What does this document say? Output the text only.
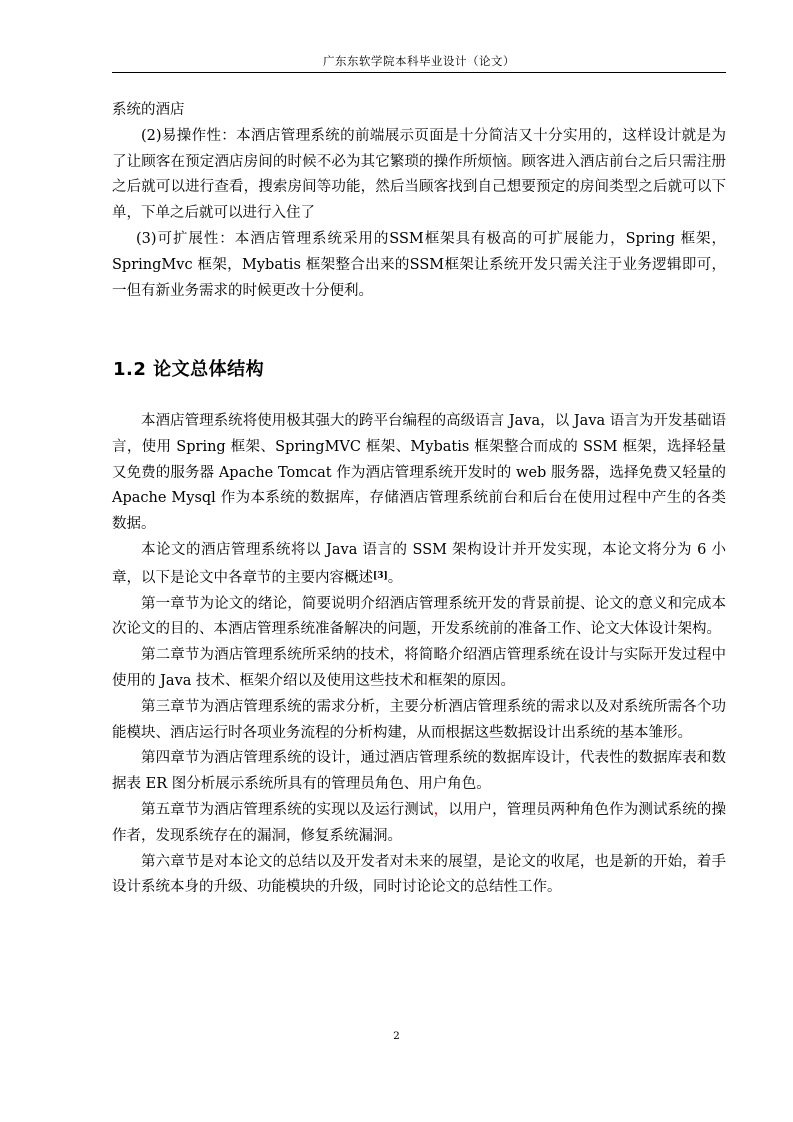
广东东软学院本科毕业设计（论文）

系统的酒店

(2)易操作性：本酒店管理系统的前端展示页面是十分简洁又十分实用的，这样设计就是为了让顾客在预定酒店房间的时候不必为其它繁琐的操作所烦恼。顾客进入酒店前台之后只需注册之后就可以进行查看，搜索房间等功能，然后当顾客找到自己想要预定的房间类型之后就可以下单，下单之后就可以进行入住了

(3)可扩展性：本酒店管理系统采用的SSM框架具有极高的可扩展能力，Spring 框架，SpringMvc 框架，Mybatis 框架整合出来的SSM框架让系统开发只需关注于业务逻辑即可，一但有新业务需求的时候更改十分便利。

1.2 论文总体结构

本酒店管理系统将使用极其强大的跨平台编程的高级语言 Java，以 Java 语言为开发基础语言，使用 Spring 框架、SpringMVC 框架、Mybatis 框架整合而成的 SSM 框架，选择轻量又免费的服务器 Apache Tomcat 作为酒店管理系统开发时的 web 服务器，选择免费又轻量的 Apache Mysql 作为本系统的数据库，存储酒店管理系统前台和后台在使用过程中产生的各类数据。

本论文的酒店管理系统将以 Java 语言的 SSM 架构设计并开发实现，本论文将分为 6 小章，以下是论文中各章节的主要内容概述[3]。

第一章节为论文的绪论，简要说明介绍酒店管理系统开发的背景前提、论文的意义和完成本次论文的目的、本酒店管理系统准备解决的问题，开发系统前的准备工作、论文大体设计架构。

第二章节为酒店管理系统所采纳的技术，将简略介绍酒店管理系统在设计与实际开发过程中使用的 Java 技术、框架介绍以及使用这些技术和框架的原因。

第三章节为酒店管理系统的需求分析，主要分析酒店管理系统的需求以及对系统所需各个功能模块、酒店运行时各项业务流程的分析构建，从而根据这些数据设计出系统的基本雏形。

第四章节为酒店管理系统的设计，通过酒店管理系统的数据库设计，代表性的数据库表和数据表 ER 图分析展示系统所具有的管理员角色、用户角色。

第五章节为酒店管理系统的实现以及运行测试，以用户，管理员两种角色作为测试系统的操作者，发现系统存在的漏洞，修复系统漏洞。

第六章节是对本论文的总结以及开发者对未来的展望，是论文的收尾，也是新的开始，着手设计系统本身的升级、功能模块的升级，同时讨论论文的总结性工作。

2
